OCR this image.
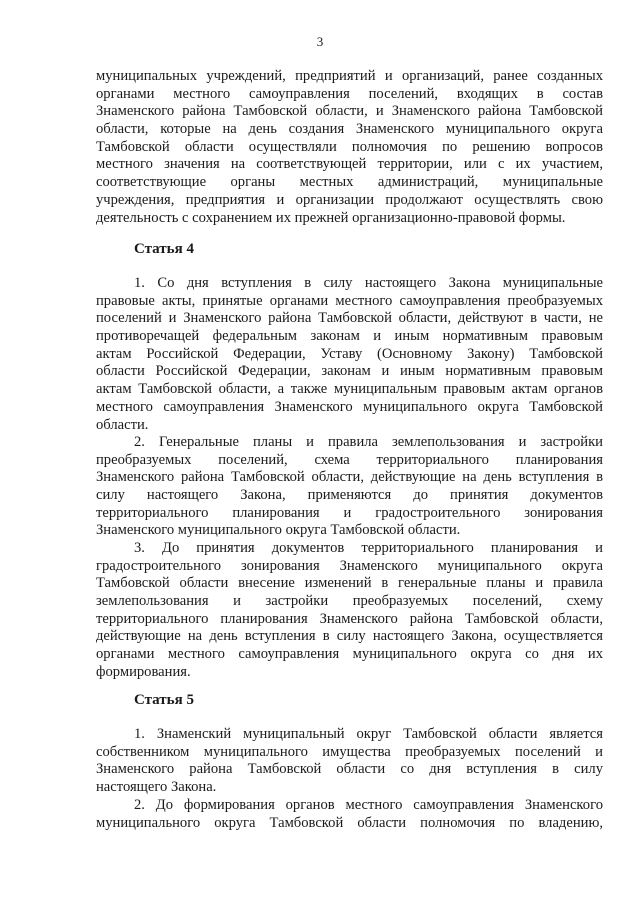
3
муниципальных учреждений, предприятий и организаций, ранее созданных
органами местного самоуправления поселений, входящих в состав
Знаменского района Тамбовской области, и Знаменского района Тамбовской
области, которые на день создания Знаменского муниципального округа
Тамбовской области осуществляли полномочия по решению вопросов
местного значения на соответствующей территории, или с их участием,
соответствующие органы местных администраций, муниципальные
учреждения, предприятия и организации продолжают осуществлять свою
деятельность с сохранением их прежней организационно-правовой формы.
Статья 4
1. Со дня вступления в силу настоящего Закона муниципальные
правовые акты, принятые органами местного самоуправления преобразуемых
поселений и Знаменского района Тамбовской области, действуют в части, не
противоречащей федеральным законам и иным нормативным правовым
актам Российской Федерации, Уставу (Основному Закону) Тамбовской
области Российской Федерации, законам и иным нормативным правовым
актам Тамбовской области, а также муниципальным правовым актам органов
местного самоуправления Знаменского муниципального округа Тамбовской
области.
2. Генеральные планы и правила землепользования и застройки
преобразуемых поселений, схема территориального планирования
Знаменского района Тамбовской области, действующие на день вступления в
силу настоящего Закона, применяются до принятия документов
территориального планирования и градостроительного зонирования
Знаменского муниципального округа Тамбовской области.
3. До принятия документов территориального планирования и
градостроительного зонирования Знаменского муниципального округа
Тамбовской области внесение изменений в генеральные планы и правила
землепользования и застройки преобразуемых поселений, схему
территориального планирования Знаменского района Тамбовской области,
действующие на день вступления в силу настоящего Закона, осуществляется
органами местного самоуправления муниципального округа со дня их
формирования.
Статья 5
1. Знаменский муниципальный округ Тамбовской области является
собственником муниципального имущества преобразуемых поселений и
Знаменского района Тамбовской области со дня вступления в силу
настоящего Закона.
2. До формирования органов местного самоуправления Знаменского
муниципального округа Тамбовской области полномочия по владению,
